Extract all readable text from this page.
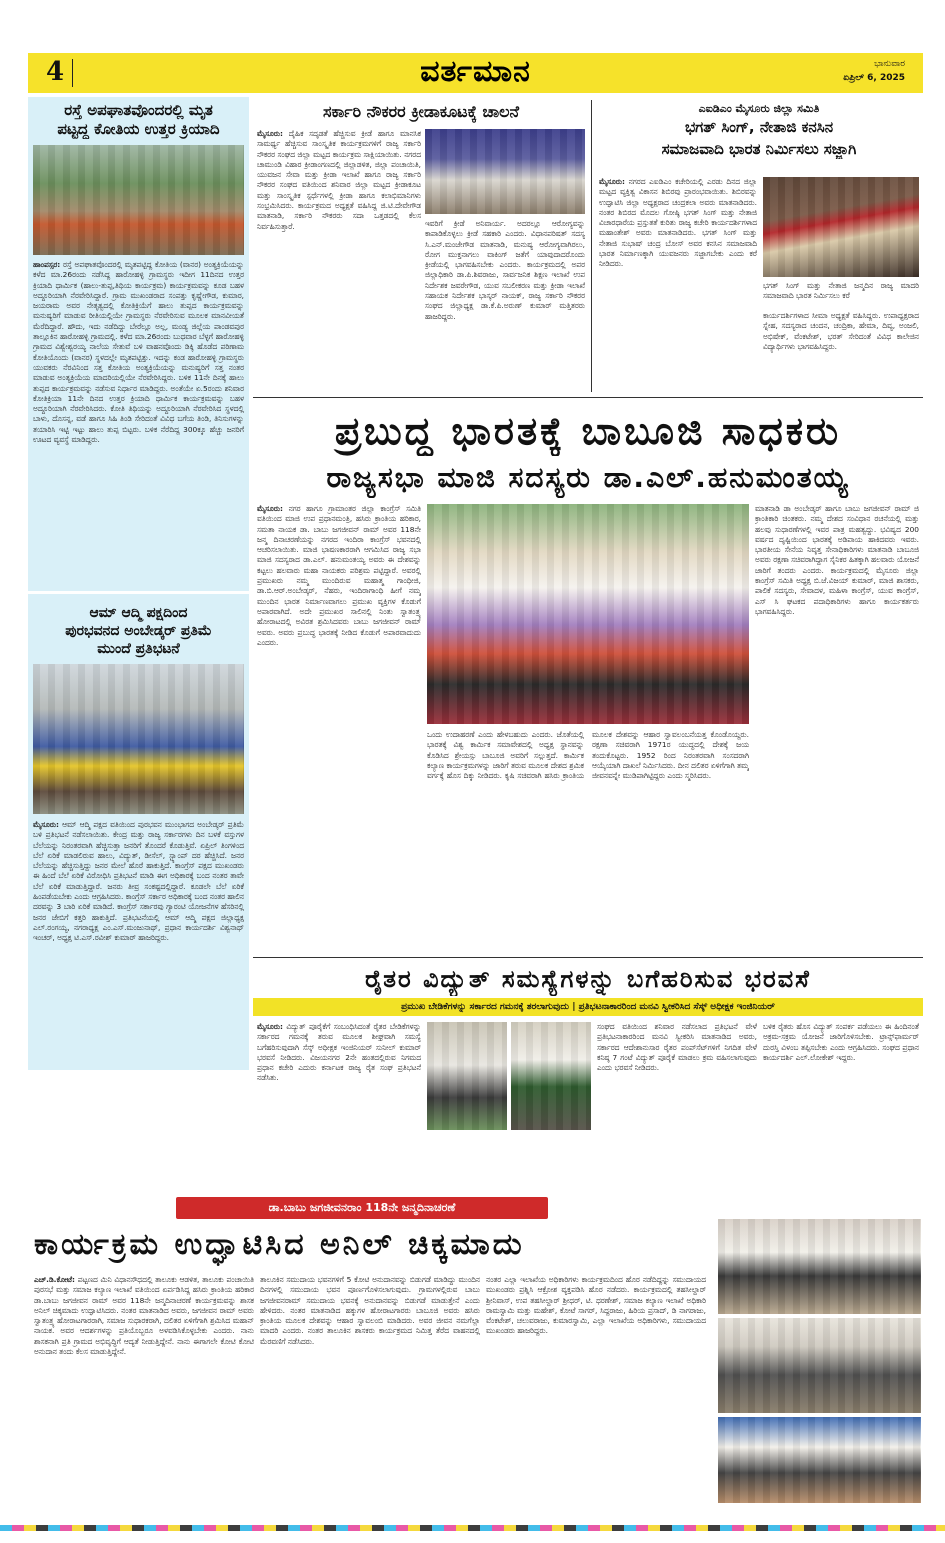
4	ವರ್ತಮಾನ	ಭಾನುವಾರ
ಏಪ್ರಿಲ್ 6, 2025
ರಸ್ತೆ ಅಪಘಾತವೊಂದರಲ್ಲಿ ಮೃತ
ಪಟ್ಟದ್ದ ಕೋತಿಯ ಉತ್ತರ ಕ್ರಿಯಾದಿ
ಹಾಂಪಸ್ಸರ: ರಸ್ತೆ ಅಪಘಾತವೊಂದರಲ್ಲಿ ಮೃತಪಟ್ಟಿದ್ದ ಕೋತಿಯ (ವಾನರ) ಅಂತ್ಯಕ್ರಿಯೆಯನ್ನು ಕಳೆದ ಮಾ.26ರಂದು ನಡೆಸಿದ್ದ ಹಾರೋಹಳ್ಳಿ ಗ್ರಾಮಸ್ಥರು ಇದೀಗ 11ದಿನದ ಉತ್ತರ ಕ್ರಿಯಾದಿ ಧಾರ್ಮಿಕ (ಹಾಲು-ತುಪ್ಪ,ತಿಥಿಯ ಕಾರ್ಯಕ್ರಮ) ಕಾರ್ಯಕ್ರಮವನ್ನು ಕೂಡ ಬಹಳ ಅದ್ದೂರಿಯಾಗಿ ನೆರವೇರಿಸಿದ್ದಾರೆ. ಗ್ರಾಮ ಮುಖಂಡರಾದ ಸಂಪತ್ತು ಕೃಷ್ಣೇಗೌಡ, ಕುಮಾರ, ಜಯರಾಮ ಅವರ ನೇತೃತ್ವದಲ್ಲಿ ಕೋತಿಕ್ರಿಯೆಗೆ ಹಾಲು ತುಪ್ಪದ ಕಾರ್ಯಕ್ರಮವನ್ನು ಮನುಷ್ಯರಿಗೆ ಮಾಡುವ ರೀತಿಯಲ್ಲಿಯೇ ಗ್ರಾಮಸ್ಥರು ನೆರವೇರಿಸುವ ಮೂಲಕ ಮಾನವೀಯತೆ ಮೆರೆದಿದ್ದಾರೆ. ಹೌದು, ಇದು ನಡೆದಿದ್ದು ಬೇರೆಲ್ಲೂ ಅಲ್ಲ, ಮಂಡ್ಯ ಜಿಲ್ಲೆಯ ಪಾಂಡವಪುರ ತಾಲ್ಲೂಕಿನ ಹಾರೋಹಳ್ಳಿ ಗ್ರಾಮದಲ್ಲಿ. ಕಳೆದ ಮಾ.26ರಂದು ಬುಧವಾರ ಬೆಳ್ಳಗೆ ಹಾರೋಹಳ್ಳಿ ಗ್ರಾಮದ ವಿಶ್ವೇಶ್ವರಯ್ಯ ನಾಲೆಯ ಸೇತುವೆ ಬಳಿ ವಾಹನವೊಂದು ಡಿಕ್ಕಿ ಹೊಡೆದ ಪರಿಣಾಮ ಕೋತಿಯೊಂದು (ವಾನರ) ಸ್ಥಳದಲ್ಲೇ ಮೃತಪಟ್ಟಿತ್ತು. ಇದನ್ನು ಕಂಡ ಹಾರೋಹಳ್ಳಿ ಗ್ರಾಮಸ್ಥರು ಯುವಕರು ನೆರವಿನಿಂದ ಸತ್ತ ಕೋತಿಯ ಅಂತ್ಯಕ್ರಿಯೆಯನ್ನು ಮನುಷ್ಯರಿಗೆ ಸತ್ತ ನಂತರ ಮಾಡುವ ಅಂತ್ಯಕ್ರಿಯೆಯ ಮಾದರಿಯಲ್ಲಿಯೇ ನೆರವೇರಿಸಿದ್ದರು. ಬಳಿಕ 11ನೇ ದಿನಕ್ಕೆ ಹಾಲು ತುಪ್ಪದ ಕಾರ್ಯಕ್ರಮವನ್ನು ನಡೆಸುವ ನಿರ್ಧಾರ ಮಾಡಿದ್ದರು. ಅಂತೆಯೇ ಏ.5ರಂದು ಶನಿವಾರ ಕೋತಿಕ್ರಿಯಾ 11ನೇ ದಿನದ ಉತ್ತರ ಕ್ರಿಯಾದಿ ಧಾರ್ಮಿಕ ಕಾರ್ಯಕ್ರಮವನ್ನು ಬಹಳ ಅದ್ದೂರಿಯಾಗಿ ನೆರವೇರಿಸಿದರು. ಕೋತಿ ತಿಥಿಯನ್ನು ಅದ್ದೂರಿಯಾಗಿ ನೆರವೇರಿಸಿದ ಸ್ಥಳದಲ್ಲಿ ಬಾಳು, ದೊಸನ್ನ, ವಡೆ ಹಾಗೂ ಸಿಹಿ ತಿಂಡಿ ಸೇರಿದಂತೆ ವಿವಿಧ ಬಗೆಯ ತಿಂಡಿ, ತಿನಿಸುಗಳನ್ನು ತಯಾರಿಸಿ ಇಟ್ಟಿ ಇಟ್ಟು ಹಾಲು ತುಪ್ಪ ಬಿಟ್ಟರು. ಬಳಿಕ ನೆರೆದಿದ್ದ 300ಕ್ಕೂ ಹೆಚ್ಚು ಜನರಿಗೆ ಊಟದ ವ್ಯವಸ್ಥೆ ಮಾಡಿದ್ದರು.
ಆಮ್ ಆದ್ಮಿ ಪಕ್ಷದಿಂದ
ಪುರಭವನದ ಅಂಬೇಡ್ಕರ್ ಪ್ರತಿಮೆ
ಮುಂದೆ ಪ್ರತಿಭಟನೆ
ಮೈಸೂರು: ಆಮ್ ಆದ್ಮಿ ಪಕ್ಷದ ವತಿಯಿಂದ ಪುರಭವನ ಮುಂಭಾಗದ ಅಂಬೇಡ್ಕರ್ ಪ್ರತಿಮೆ ಬಳಿ ಪ್ರತಿಭಟನೆ ನಡೆಸಲಾಯಿತು. ಕೇಂದ್ರ ಮತ್ತು ರಾಜ್ಯ ಸರ್ಕಾರಗಳು ದಿನ ಬಳಕೆ ವಸ್ತುಗಳ ಬೆಲೆಯನ್ನು ನಿರಂತರವಾಗಿ ಹೆಚ್ಚಿಸುತ್ತಾ ಜನರಿಗೆ ತೊಂದರೆ ಕೊಡುತ್ತಿವೆ. ಏಪ್ರಿಲ್ ತಿಂಗಳಿಂದ ಬೆಲೆ ಏರಿಕೆ ಮಾಡಲಿರುವ ಹಾಲು, ವಿದ್ಯುತ್, ಡೀಸೆಲ್, ಸ್ಟ್ಯಾಂಪ್ ದರ ಹೆಚ್ಚಿಸಿದೆ. ಜನರ ಬೆಲೆಯನ್ನು ಹೆಚ್ಚಿಸುತ್ತಿದ್ದು ಜನರ ಮೇಲೆ ಹೊರೆ ಹಾಕುತ್ತಿದೆ. ಕಾಂಗ್ರೆಸ್ ಪಕ್ಷದ ಮುಖಂಡರು ಈ ಹಿಂದೆ ಬೆಲೆ ಏರಿಕೆ ವಿರೋಧಿಸಿ ಪ್ರತಿಭಟನೆ ಮಾಡಿ ಈಗ ಅಧಿಕಾರಕ್ಕೆ ಬಂದ ನಂತರ ತಾವೇ ಬೆಲೆ ಏರಿಕೆ ಮಾಡುತ್ತಿದ್ದಾರೆ. ಜನರು ತೀವ್ರ ಸಂಕಷ್ಟದಲ್ಲಿದ್ದಾರೆ. ಕೂಡಲೇ ಬೆಲೆ ಏರಿಕೆ ಹಿಂಪಡೆಯಬೇಕು ಎಂದು ಆಗ್ರಹಿಸಿದರು. ಕಾಂಗ್ರೆಸ್ ಸರ್ಕಾರ ಅಧಿಕಾರಕ್ಕೆ ಬಂದ ನಂತರ ಹಾಲಿನ ದರವನ್ನು 3 ಬಾರಿ ಏರಿಕೆ ಮಾಡಿದೆ. ಕಾಂಗ್ರೆಸ್ ಸರ್ಕಾರವು ಗ್ಯಾರಂಟಿ ಯೋಜನೆಗಳ ಹೆಸರಿನಲ್ಲಿ ಜನರ ಜೇಬಿಗೆ ಕತ್ತರಿ ಹಾಕುತ್ತಿದೆ. ಪ್ರತಿಭಟನೆಯಲ್ಲಿ ಆಮ್ ಆದ್ಮಿ ಪಕ್ಷದ ಜಿಲ್ಲಾಧ್ಯಕ್ಷ ಎಲ್.ರಂಗಯ್ಯ, ನಗರಾಧ್ಯಕ್ಷ ಎಂ.ಎಸ್.ಮಂಜುನಾಥ್, ಪ್ರಧಾನ ಕಾರ್ಯದರ್ಶಿ ವಿಶ್ವನಾಥ್ ಇಂಚರ್, ಅಧ್ಯಕ್ಷ ಟಿ.ಎಸ್.ರವೀಶ್ ಕುಮಾರ್ ಹಾಜರಿದ್ದರು.
ಸರ್ಕಾರಿ ನೌಕರರ ಕ್ರೀಡಾಕೂಟಕ್ಕೆ ಚಾಲನೆ
ಮೈಸೂರು: ದೈಹಿಕ ಸದೃಡತೆ ಹೆಚ್ಚಿಸುವ ಕ್ರೀಡೆ ಹಾಗೂ ಮಾನಸಿಕ ಸಾಮರ್ಥ್ಯ ಹೆಚ್ಚಿಸುವ ಸಾಂಸ್ಕೃತಿಕ ಕಾರ್ಯಕ್ರಮಗಳಿಗೆ ರಾಜ್ಯ ಸರ್ಕಾರಿ ನೌಕರರ ಸಂಘದ ಜಿಲ್ಲಾ ಮಟ್ಟದ ಕಾರ್ಯಕ್ರಮ ಸಾಕ್ಷಿಯಾಯಿತು. ನಗರದ ಚಾಮುಂಡಿ ವಿಹಾರ ಕ್ರೀಡಾಂಗಣದಲ್ಲಿ ಜಿಲ್ಲಾಡಳಿತ, ಜಿಲ್ಲಾ ಪಂಚಾಯಿತಿ, ಯುವಜನ ಸೇವಾ ಮತ್ತು ಕ್ರೀಡಾ ಇಲಾಖೆ ಹಾಗೂ ರಾಜ್ಯ ಸರ್ಕಾರಿ ನೌಕರರ ಸಂಘದ ವತಿಯಿಂದ ಶನಿವಾರ ಜಿಲ್ಲಾ ಮಟ್ಟದ ಕ್ರೀಡಾಕೂಟ ಮತ್ತು ಸಾಂಸ್ಕೃತಿಕ ಸ್ಪರ್ಧೆಗಳಲ್ಲಿ ಕ್ರೀಡಾ ಹಾಗೂ ಕಲಾಭಿಮಾನಿಗಳು ಸಂಭ್ರಮಿಸಿದರು. ಕಾರ್ಯಕ್ರಮದ ಅಧ್ಯಕ್ಷತೆ ವಹಿಸಿದ್ದ ಜಿ.ಟಿ.ದೇವೇಗೌಡ ಮಾತನಾಡಿ, ಸರ್ಕಾರಿ ನೌಕರರು ಸದಾ ಒತ್ತಡದಲ್ಲಿ ಕೆಲಸ ನಿರ್ವಹಿಸುತ್ತಾರೆ.	ಇವರಿಗೆ ಕ್ರೀಡೆ ಅನಿವಾರ್ಯ. ಅದರಲ್ಲೂ ಆರೋಗ್ಯವನ್ನು ಕಾಪಾಡಿಕೊಳ್ಳಲು ಕ್ರೀಡೆ ಸಹಕಾರಿ ಎಂದರು. ವಿಧಾನಪರಿಷತ್ ಸದಸ್ಯ ಸಿ.ಎನ್.ಮಂಜೇಗೌಡ ಮಾತನಾಡಿ, ಮನುಷ್ಯ ಆರೋಗ್ಯವಾಗಿರಲು, ರೋಗ ಮುಕ್ತನಾಗಲು ವಾಕಿಂಗ್ ಜತೆಗೆ ಯಾವುದಾದರೊಂದು ಕ್ರೀಡೆಯಲ್ಲಿ ಭಾಗವಹಿಸಬೇಕು ಎಂದರು. ಕಾರ್ಯಕ್ರಮದಲ್ಲಿ ಅಪರ ಜಿಲ್ಲಾಧಿಕಾರಿ ಡಾ.ಪಿ.ಶಿವರಾಜು, ಸಾರ್ವಜನಿಕ ಶಿಕ್ಷಣ ಇಲಾಖೆ ಉಪ ನಿರ್ದೇಶಕ ಜವರೇಗೌಡ, ಯುವ ಸಬಲೀಕರಣ ಮತ್ತು ಕ್ರೀಡಾ ಇಲಾಖೆ ಸಹಾಯಕ ನಿರ್ದೇಶಕ ಭಾಸ್ಕರ್ ನಾಯಕ್, ರಾಜ್ಯ ಸರ್ಕಾರಿ ನೌಕರರ ಸಂಘದ ಜಿಲ್ಲಾಧ್ಯಕ್ಷ ಡಾ.ಕೆ.ಪಿ.ಅರುಣ್ ಕುಮಾರ್ ಮತ್ತಿತರರು ಹಾಜರಿದ್ದರು.
ಎಐಡಿಎಂ ಮೈಸೂರು ಜಿಲ್ಲಾ ಸಮಿತಿ
ಭಗತ್ ಸಿಂಗ್, ನೇತಾಜಿ ಕನಸಿನ
ಸಮಾಜವಾದಿ ಭಾರತ ನಿರ್ಮಿಸಲು ಸಜ್ಜಾಗಿ
ಮೈಸೂರು: ನಗರದ ಎಐಡಿಎಂ ಕಚೇರಿಯಲ್ಲಿ ಎರಡು ದಿನದ ಜಿಲ್ಲಾ ಮಟ್ಟದ ವ್ಯಕ್ತಿತ್ವ ವಿಕಾಸನ ಶಿಬಿರವು ಪ್ರಾರಂಭವಾಯಿತು. ಶಿಬಿರವನ್ನು ಉದ್ಘಾಟಿಸಿ ಜಿಲ್ಲಾ ಅಧ್ಯಕ್ಷರಾದ ಚಂದ್ರಕಲಾ ಅವರು ಮಾತನಾಡಿದರು. ನಂತರ ಶಿಬಿರದ ಮೊದಲ ಗೋಷ್ಠಿ ಭಗತ್ ಸಿಂಗ್ ಮತ್ತು ನೇತಾಜಿ ವಿಚಾರಧಾರೆಯ ಪ್ರಸ್ತುತತೆ ಕುರಿತು ರಾಜ್ಯ ಕಚೇರಿ ಕಾರ್ಯದರ್ಶಿಗಳಾದ ಮಹಾಂತೇಶ್ ಅವರು ಮಾತನಾಡಿದರು. ಭಗತ್ ಸಿಂಗ್ ಮತ್ತು ನೇತಾಜಿ ಸುಭಾಷ್ ಚಂದ್ರ ಬೋಸ್ ಅವರ ಕನಸಿನ ಸಮಾಜವಾದಿ ಭಾರತ ನಿರ್ಮಾಣಕ್ಕಾಗಿ ಯುವಜನರು ಸಜ್ಜಾಗಬೇಕು ಎಂದು ಕರೆ ನೀಡಿದರು.
ಭಗತ್ ಸಿಂಗ್ ಮತ್ತು ನೇತಾಜಿ ಜನ್ಮದಿನ ರಾಜ್ಯ ಮಾದರಿ ಸಮಾಜವಾದಿ ಭಾರತ ನಿರ್ಮಿಸಲು ಕರೆ
ಕಾರ್ಯದರ್ಶಿಗಳಾದ ಸೀಮಾ ಅಧ್ಯಕ್ಷತೆ ವಹಿಸಿದ್ದರು. ಉಪಾಧ್ಯಕ್ಷರಾದ ಸ್ನೇಹ, ಸದಸ್ಯರಾದ ಚಂದನ, ಚಂದ್ರಿಕಾ, ಹೇಮಾ, ದಿವ್ಯ, ಅಂಜಲಿ, ಅಭಿಷೇಕ್, ವೆಂಕಟೇಶ್, ಭರತ್ ಸೇರಿದಂತೆ ವಿವಿಧ ಕಾಲೇಜಿನ ವಿದ್ಯಾರ್ಥಿಗಳು ಭಾಗವಹಿಸಿದ್ದರು.
ಪ್ರಬುದ್ಧ ಭಾರತಕ್ಕೆ ಬಾಬೂಜಿ ಸಾಧಕರು
ರಾಜ್ಯಸಭಾ ಮಾಜಿ ಸದಸ್ಯರು ಡಾ.ಎಲ್.ಹನುಮಂತಯ್ಯ
ಮೈಸೂರು: ನಗರ ಹಾಗೂ ಗ್ರಾಮಾಂತರ ಜಿಲ್ಲಾ ಕಾಂಗ್ರೆಸ್ ಸಮಿತಿ ವತಿಯಿಂದ ಮಾಜಿ ಉಪ ಪ್ರಧಾನಮಂತ್ರಿ, ಹಸಿರು ಕ್ರಾಂತಿಯ ಹರಿಕಾರ, ಸಮತಾ ನಾಯಕ ಡಾ. ಬಾಬು ಜಗಜೀವನ್ ರಾಮ್ ಅವರ 118ನೇ ಜನ್ಮ ದಿನಾಚರಣೆಯನ್ನು ನಗರದ ಇಂದಿರಾ ಕಾಂಗ್ರೆಸ್ ಭವನದಲ್ಲಿ ಆಚರಿಸಲಾಯಿತು. ಮಾಜಿ ಭಾಷಣಕಾರರಾಗಿ ಆಗಮಿಸಿದ ರಾಜ್ಯ ಸಭಾ ಮಾಜಿ ಸದಸ್ಯರಾದ ಡಾ.ಎಲ್. ಹನುಮಂತಯ್ಯ ಅವರು ಈ ದೇಶವನ್ನು ಕಟ್ಟಲು ಹಲವಾರು ಮಹಾ ನಾಯಕರು ಪರಿಶ್ರಮ ಪಟ್ಟಿದ್ದಾರೆ. ಅವರಲ್ಲಿ ಪ್ರಮುಖರು ನಮ್ಮ ಮುಂದಿರುವ ಮಹಾತ್ಮ ಗಾಂಧೀಜಿ, ಡಾ.ಬಿ.ಆರ್.ಅಂಬೇಡ್ಕರ್, ನೆಹರು, ಇಂದಿರಾಗಾಂಧಿ ಹೀಗೆ ನಮ್ಮ ಮುಂದಿನ ಭಾರತ ನಿರ್ಮಾಣವಾಗಲು ಪ್ರಮುಖ ವ್ಯಕ್ತಿಗಳ ಕೊಡುಗೆ ಅಪಾರವಾಗಿದೆ. ಅದೇ ಪ್ರಮುಖರ ಸಾಲಿನಲ್ಲಿ ನಿಂತು ಸ್ವಾತಂತ್ರ್ಯ ಹೋರಾಟದಲ್ಲಿ ಅವಿರತ ಶ್ರಮಿಸಿದವರು ಬಾಬು ಜಗಜೀವನ್ ರಾಮ್ ಅವರು. ಅವರು ಪ್ರಬುದ್ಧ ಭಾರತಕ್ಕೆ ನೀಡಿದ ಕೊಡುಗೆ ಅಪಾರವಾದುದು ಎಂದರು.
ಒಂದು ಉದಾಹರಣೆ ಎಂದು ಹೇಳಬಹುದು ಎಂದರು. ಜೊತೆಯಲ್ಲಿ ಭಾರತಕ್ಕೆ ವಿಶ್ವ ಕಾರ್ಮಿಕ ಸಮಾವೇಶದಲ್ಲಿ ಅಧ್ಯಕ್ಷ ಸ್ಥಾನವನ್ನು ಕೊಡಿಸಿದ ಶ್ರೇಯಸ್ಸು ಬಾಬೂಜಿ ಅವರಿಗೆ ಸಲ್ಲುತ್ತದೆ. ಕಾರ್ಮಿಕ ಕಲ್ಯಾಣ ಕಾರ್ಯಕ್ರಮಗಳನ್ನು ಜಾರಿಗೆ ತರುವ ಮೂಲಕ ದೇಶದ ಶ್ರಮಿಕ ವರ್ಗಕ್ಕೆ ಹೊಸ ದಿಕ್ಕು ನೀಡಿದರು. ಕೃಷಿ ಸಚಿವರಾಗಿ ಹಸಿರು ಕ್ರಾಂತಿಯ ಮೂಲಕ ದೇಶವನ್ನು ಆಹಾರ ಸ್ವಾವಲಂಬನೆಯತ್ತ ಕೊಂಡೊಯ್ದರು. ರಕ್ಷಣಾ ಸಚಿವರಾಗಿ 1971ರ ಯುದ್ಧದಲ್ಲಿ ದೇಶಕ್ಕೆ ಜಯ ತಂದುಕೊಟ್ಟರು. 1952 ರಿಂದ ನಿರಂತರವಾಗಿ ಸಂಸದರಾಗಿ ಆಯ್ಕೆಯಾಗಿ ದಾಖಲೆ ನಿರ್ಮಿಸಿದರು. ದೀನ ದಲಿತರ ಏಳಿಗೆಗಾಗಿ ತಮ್ಮ ಜೀವನವನ್ನೇ ಮುಡಿಪಾಗಿಟ್ಟಿದ್ದರು ಎಂದು ಸ್ಮರಿಸಿದರು.
ಮಾತನಾಡಿ ಡಾ ಅಂಬೇಡ್ಕರ್ ಹಾಗೂ ಬಾಬು ಜಗಜೀವನ್ ರಾಮ್ ಜಿ ಕ್ರಾಂತಿಕಾರಿ ಚಿಂತಕರು. ನಮ್ಮ ದೇಶದ ಸಂವಿಧಾನ ರಚನೆಯಲ್ಲಿ ಮತ್ತು ಹಲವು ಸುಧಾರಣೆಗಳಲ್ಲಿ ಇವರ ಪಾತ್ರ ಮಹತ್ವದ್ದು. ಭವಿಷ್ಯದ 200 ವರ್ಷದ ದೃಷ್ಟಿಯಿಂದ ಭಾರತಕ್ಕೆ ಅಡಿಪಾಯ ಹಾಕಿದವರು ಇವರು. ಭಾರತೀಯ ಸೇನೆಯ ನಿವೃತ್ತ ಸೇನಾಧಿಕಾರಿಗಳು ಮಾತನಾಡಿ ಬಾಬೂಜಿ ಅವರು ರಕ್ಷಣಾ ಸಚಿವರಾಗಿದ್ದಾಗ ಸೈನಿಕರ ಹಿತಕ್ಕಾಗಿ ಹಲವಾರು ಯೋಜನೆ ಜಾರಿಗೆ ತಂದರು ಎಂದರು. ಕಾರ್ಯಕ್ರಮದಲ್ಲಿ ಮೈಸೂರು ಜಿಲ್ಲಾ ಕಾಂಗ್ರೆಸ್ ಸಮಿತಿ ಅಧ್ಯಕ್ಷ ಬಿ.ಜೆ.ವಿಜಯ್ ಕುಮಾರ್, ಮಾಜಿ ಶಾಸಕರು, ಪಾಲಿಕೆ ಸದಸ್ಯರು, ಸೇವಾದಳ, ಮಹಿಳಾ ಕಾಂಗ್ರೆಸ್, ಯುವ ಕಾಂಗ್ರೆಸ್, ಎಸ್ ಸಿ ಘಟಕದ ಪದಾಧಿಕಾರಿಗಳು ಹಾಗೂ ಕಾರ್ಯಕರ್ತರು ಭಾಗವಹಿಸಿದ್ದರು.
ರೈತರ ವಿದ್ಯುತ್ ಸಮಸ್ಯೆಗಳನ್ನು ಬಗೆಹರಿಸುವ ಭರವಸೆ
ಪ್ರಮುಖ ಬೇಡಿಕೆಗಳನ್ನು ಸರ್ಕಾರದ ಗಮನಕ್ಕೆ ತರಲಾಗುವುದು | ಪ್ರತಿಭಟನಾಕಾರರಿಂದ ಮನವಿ ಸ್ವೀಕರಿಸಿದ ಸೆಸ್ಕ್ ಅಧೀಕ್ಷಕ ಇಂಜಿನಿಯರ್
ಮೈಸೂರು: ವಿದ್ಯುತ್ ಪೂರೈಕೆಗೆ ಸಂಬಂಧಿಸಿದಂತೆ ರೈತರ ಬೇಡಿಕೆಗಳನ್ನು ಸರ್ಕಾರದ ಗಮನಕ್ಕೆ ತರುವ ಮೂಲಕ ಶೀಘ್ರವಾಗಿ ಸಮಸ್ಯೆ ಬಗೆಹರಿಸುವುದಾಗಿ ಸೆಸ್ಕ್ ಅಧೀಕ್ಷಕ ಇಂಜಿನಿಯರ್ ಸುನೀಲ್ ಕುಮಾರ್ ಭರವಸೆ ನೀಡಿದರು. ವಿಜಯನಗರ 2ನೇ ಹಂತದಲ್ಲಿರುವ ನಿಗಮದ ಪ್ರಧಾನ ಕಚೇರಿ ಎದುರು ಕರ್ನಾಟಕ ರಾಜ್ಯ ರೈತ ಸಂಘ ಪ್ರತಿಭಟನೆ ನಡೆಸಿತು.
ಸಂಘದ ವತಿಯಿಂದ ಶನಿವಾರ ನಡೆಸಲಾದ ಪ್ರತಿಭಟನೆ ವೇಳೆ ಪ್ರತಿಭಟನಾಕಾರರಿಂದ ಮನವಿ ಸ್ವೀಕರಿಸಿ ಮಾತನಾಡಿದ ಅವರು, ಸರ್ಕಾರದ ಆದೇಶಾನುಸಾರ ರೈತರ ಪಂಪ್‌ಸೆಟ್‌ಗಳಿಗೆ ನಿಗದಿತ ವೇಳೆ ಕನಿಷ್ಠ 7 ಗಂಟೆ ವಿದ್ಯುತ್ ಪೂರೈಕೆ ಮಾಡಲು ಕ್ರಮ ವಹಿಸಲಾಗುವುದು ಎಂದು ಭರವಸೆ ನೀಡಿದರು.
ಬಳಿಕ ರೈತರು ಹೊಸ ವಿದ್ಯುತ್ ಸಂಪರ್ಕ ಪಡೆಯಲು ಈ ಹಿಂದಿನಂತೆ ಅಕ್ರಮ-ಸಕ್ರಮ ಯೋಜನೆ ಜಾರಿಗೊಳಿಸಬೇಕು. ಟ್ರಾನ್ಸ್‌ಫಾರ್ಮರ್ ದುರಸ್ತಿ ವಿಳಂಬ ತಪ್ಪಿಸಬೇಕು ಎಂದು ಆಗ್ರಹಿಸಿದರು. ಸಂಘದ ಪ್ರಧಾನ ಕಾರ್ಯದರ್ಶಿ ಎಲ್.ಲೋಕೇಶ್ ಇದ್ದರು.
ಡಾ.ಬಾಬು ಜಗಜೀವನರಾಂ 118ನೇ ಜನ್ಮದಿನಾಚರಣೆ
ಕಾರ್ಯಕ್ರಮ ಉದ್ಘಾಟಿಸಿದ ಅನಿಲ್ ಚಿಕ್ಕಮಾದು
ಎಚ್.ಡಿ.ಕೋಟೆ: ಪಟ್ಟಣದ ಮಿನಿ ವಿಧಾನಸೌಧದಲ್ಲಿ ತಾಲೂಕು ಆಡಳಿತ, ತಾಲೂಕು ಪಂಚಾಯಿತಿ ಪುರಸಭೆ ಮತ್ತು ಸಮಾಜ ಕಲ್ಯಾಣ ಇಲಾಖೆ ವತಿಯಿಂದ ಏರ್ಪಡಿಸಿದ್ದ ಹಸಿರು ಕ್ರಾಂತಿಯ ಹರಿಕಾರ ಡಾ.ಬಾಬು ಜಗಜೀವನ ರಾಮ್ ಅವರ 118ನೇ ಜನ್ಮದಿನಾಚರಣೆ ಕಾರ್ಯಕ್ರಮವನ್ನು ಶಾಸಕ ಅನಿಲ್ ಚಿಕ್ಕಮಾದು ಉದ್ಘಾಟಿಸಿದರು. ನಂತರ ಮಾತನಾಡಿದ ಅವರು, ಜಗಜೀವನ ರಾಮ್ ಅವರು ಸ್ವಾತಂತ್ರ್ಯ ಹೋರಾಟಗಾರರಾಗಿ, ಸಮಾಜ ಸುಧಾರಕರಾಗಿ, ದಲಿತರ ಏಳಿಗೆಗಾಗಿ ಶ್ರಮಿಸಿದ ಮಹಾನ್ ನಾಯಕ. ಅವರ ಆದರ್ಶಗಳನ್ನು ಪ್ರತಿಯೊಬ್ಬರೂ ಅಳವಡಿಸಿಕೊಳ್ಳಬೇಕು ಎಂದರು. ನಾನು ಶಾಸಕನಾಗಿ ಪ್ರತಿ ಗ್ರಾಮದ ಅಭಿವೃದ್ಧಿಗೆ ಆದ್ಯತೆ ನೀಡುತ್ತಿದ್ದೇನೆ. ನಾನು ಈಗಾಗಲೇ ಕೋಟಿ ಕೋಟಿ ಅನುದಾನ ತಂದು ಕೆಲಸ ಮಾಡುತ್ತಿದ್ದೇನೆ.
ತಾಲೂಕಿನ ಸಮುದಾಯ ಭವನಗಳಿಗೆ 5 ಕೋಟಿ ಅನುದಾನವನ್ನು ಬಿಡುಗಡೆ ಮಾಡಿದ್ದು ಮುಂದಿನ ದಿನಗಳಲ್ಲಿ ಸಮುದಾಯ ಭವನ ಪೂರ್ಣಗೊಳಿಸಲಾಗುವುದು. ಗ್ರಾಮಗಳಲ್ಲಿರುವ ಬಾಬು ಜಗಜೀವನರಾಮ್ ಸಮುದಾಯ ಭವನಕ್ಕೆ ಅನುದಾನವನ್ನು ಬಿಡುಗಡೆ ಮಾಡುತ್ತೇನೆ ಎಂದು ಹೇಳಿದರು. ನಂತರ ಮಾತನಾಡಿದ ಹಕ್ಕುಗಳ ಹೋರಾಟಗಾರರು ಬಾಬೂಜಿ ಅವರು ಹಸಿರು ಕ್ರಾಂತಿಯ ಮೂಲಕ ದೇಶವನ್ನು ಆಹಾರ ಸ್ವಾವಲಂಬಿ ಮಾಡಿದರು. ಅವರ ಜೀವನ ನಮಗೆಲ್ಲಾ ಮಾದರಿ ಎಂದರು. ನಂತರ ತಾಲೂಕಿನ ಶಾಸಕರು ಕಾರ್ಯಕ್ರಮದ ನಿಮಿತ್ತ ತೆರೆದ ವಾಹನದಲ್ಲಿ ಮೆರವಣಿಗೆ ನಡೆಸಿದರು.
ನಂತರ ಎಲ್ಲಾ ಇಲಾಖೆಯ ಅಧಿಕಾರಿಗಳು ಕಾರ್ಯಕ್ರಮದಿಂದ ಹೊರ ನಡೆದಿದ್ದನ್ನು ಸಮುದಾಯದ ಮುಖಂಡರು ಪ್ರಶ್ನಿಸಿ ಆಕ್ರೋಶ ವ್ಯಕ್ತಪಡಿಸಿ ಹೊರ ನಡೆದರು. ಕಾರ್ಯಕ್ರಮದಲ್ಲಿ ತಹಸೀಲ್ದಾರ್ ಶ್ರೀನಿವಾಸ್, ಉಪ ತಹಸೀಲ್ದಾರ್ ಶ್ರೀಧರ್, ಟಿ. ಧರಣೇಶ್, ಸಮಾಜ ಕಲ್ಯಾಣ ಇಲಾಖೆ ಅಧಿಕಾರಿ ರಾಮಸ್ವಾಮಿ ಮತ್ತು ಮಹೇಶ್, ಕೋಟೆ ಸಾಗರ್, ಸಿದ್ದರಾಜು, ಹಿರಿಯ ಪ್ರಸಾದ್, ಡಿ ನಾಗರಾಜು, ವೆಂಕಟೇಶ್, ಚಲುವರಾಜು, ಕುಮಾರಸ್ವಾಮಿ, ಎಲ್ಲಾ ಇಲಾಖೆಯ ಅಧಿಕಾರಿಗಳು, ಸಮುದಾಯದ ಮುಖಂಡರು ಹಾಜರಿದ್ದರು.
